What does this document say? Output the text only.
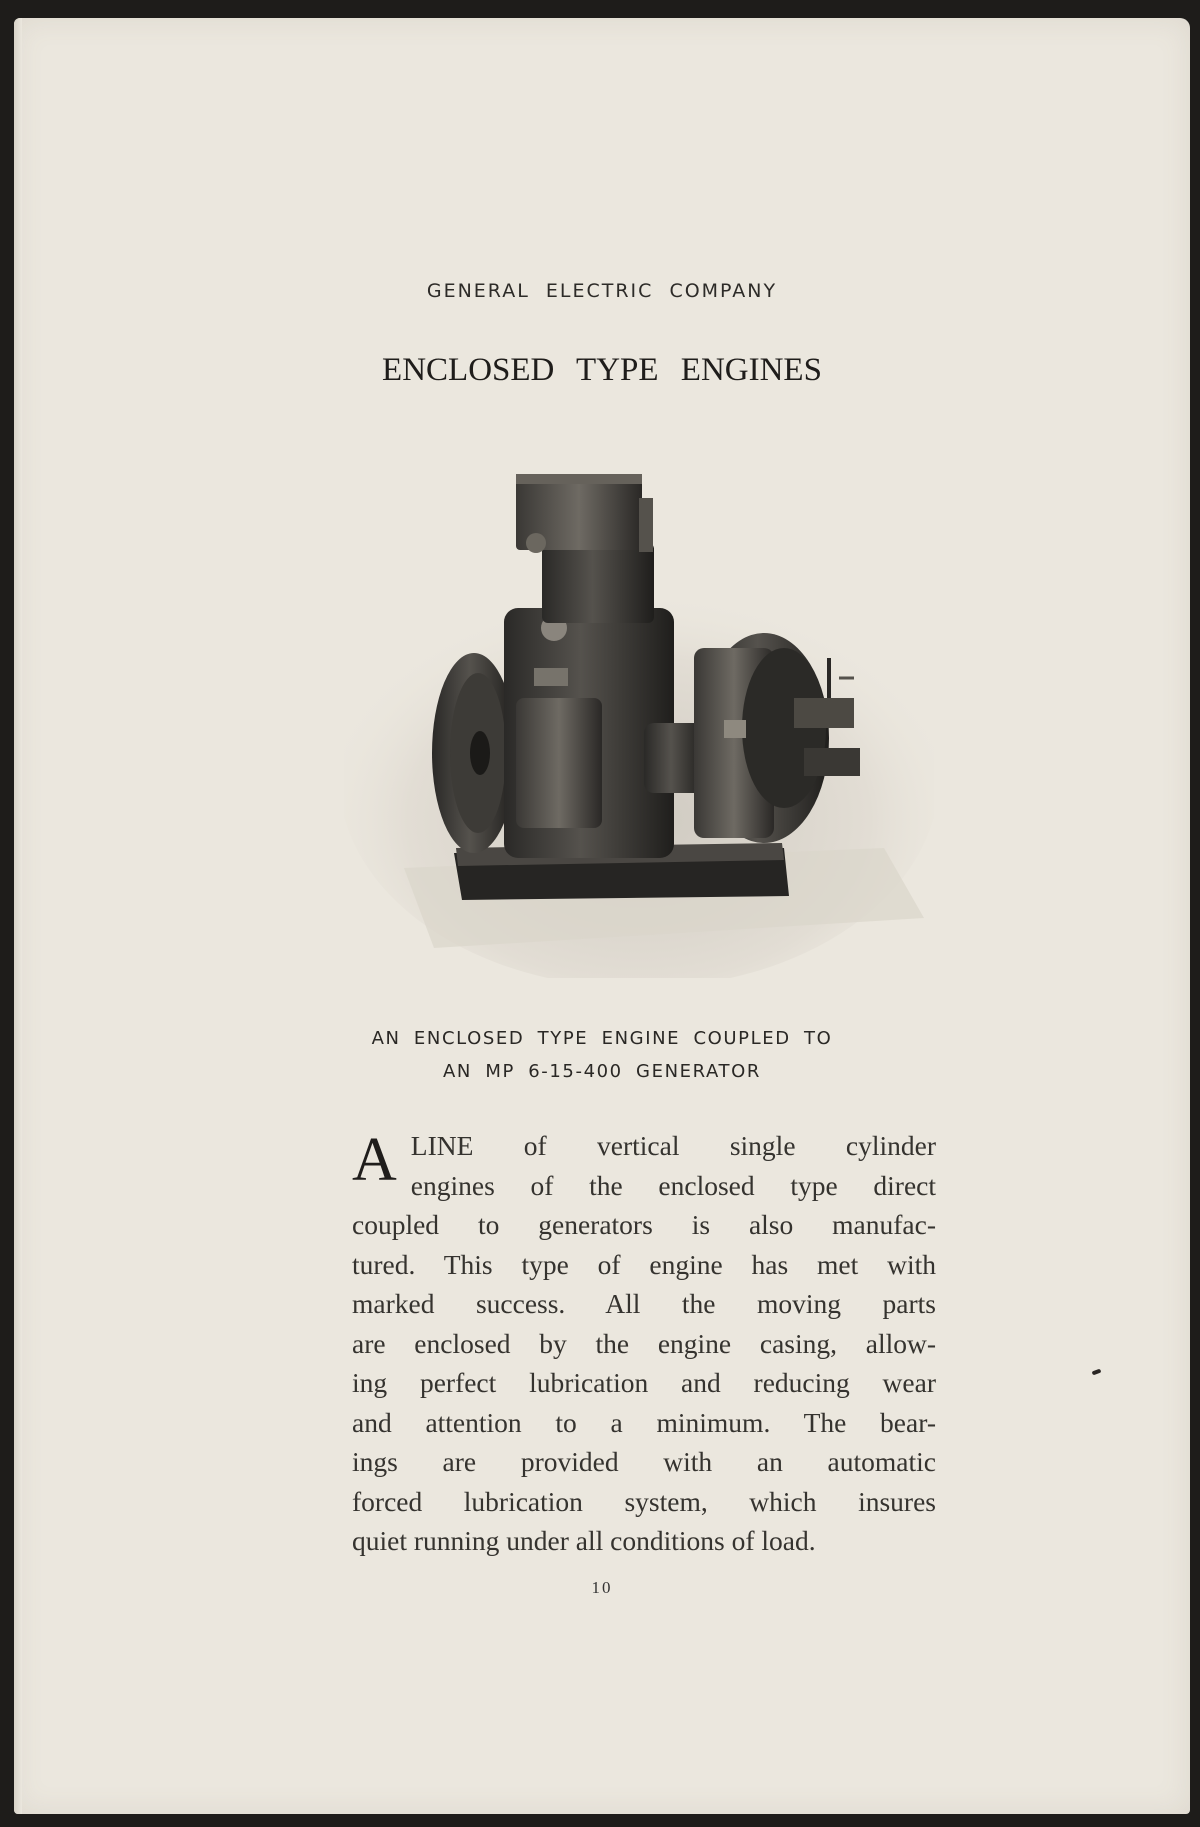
GENERAL ELECTRIC COMPANY
ENCLOSED TYPE ENGINES
AN ENCLOSED TYPE ENGINE COUPLED TO
AN MP 6-15-400 GENERATOR
A LINE of vertical single cylinder
engines of the enclosed type direct
coupled to generators is also manufac-
tured. This type of engine has met with
marked success. All the moving parts
are enclosed by the engine casing, allow-
ing perfect lubrication and reducing wear
and attention to a minimum. The bear-
ings are provided with an automatic
forced lubrication system, which insures
quiet running under all conditions of load.
10
